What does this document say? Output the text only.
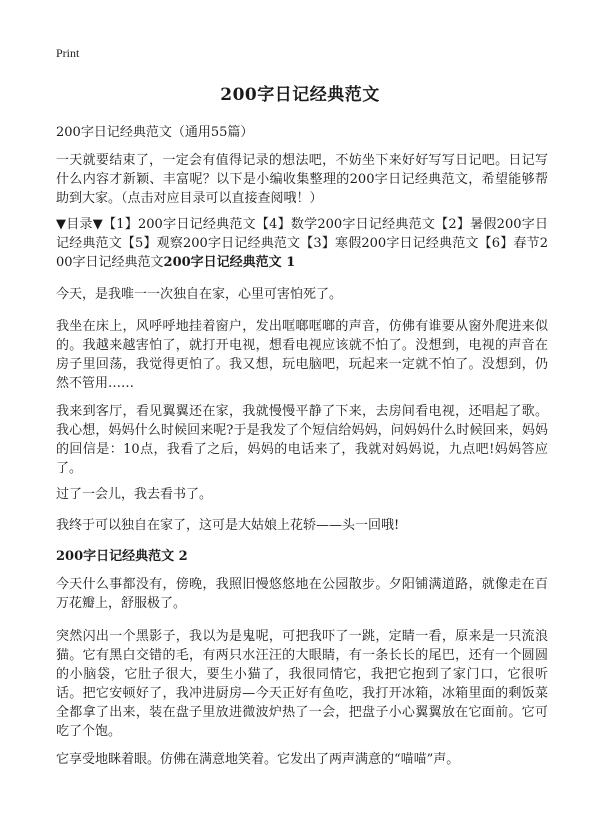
Print
200字日记经典范文

200字日记经典范文（通用55篇）

一天就要结束了，一定会有值得记录的想法吧，不妨坐下来好好写写日记吧。日记写什么内容才新颖、丰富呢？以下是小编收集整理的200字日记经典范文，希望能够帮助到大家。（点击对应目录可以直接查阅哦！）

▼目录▼【1】200字日记经典范文【4】数学200字日记经典范文【2】暑假200字日记经典范文【5】观察200字日记经典范文【3】寒假200字日记经典范文【6】春节200字日记经典范文200字日记经典范文 1

今天，是我唯一一次独自在家，心里可害怕死了。

我坐在床上，风呼呼地挂着窗户，发出哐啷哐啷的声音，仿佛有谁要从窗外爬进来似的。我越来越害怕了，就打开电视，想看电视应该就不怕了。没想到，电视的声音在房子里回荡，我觉得更怕了。我又想，玩电脑吧，玩起来一定就不怕了。没想到，仍然不管用……

我来到客厅，看见翼翼还在家，我就慢慢平静了下来，去房间看电视，还唱起了歌。我心想，妈妈什么时候回来呢?于是我发了个短信给妈妈，问妈妈什么时候回来，妈妈的回信是：10点，我看了之后，妈妈的电话来了，我就对妈妈说，九点吧!妈妈答应了。

过了一会儿，我去看书了。

我终于可以独自在家了，这可是大姑娘上花轿——头一回哦!

200字日记经典范文 2

今天什么事都没有，傍晚，我照旧慢悠悠地在公园散步。夕阳铺满道路，就像走在百万花瓣上，舒服极了。

突然闪出一个黑影子，我以为是鬼呢，可把我吓了一跳，定睛一看，原来是一只流浪猫。它有黑白交错的毛，有两只水汪汪的大眼睛，有一条长长的尾巴，还有一个圆圆的小脑袋，它肚子很大，要生小猫了，我很同情它，我把它抱到了家门口，它很听话。把它安顿好了，我冲进厨房—今天正好有鱼吃，我打开冰箱，冰箱里面的剩饭菜全都拿了出来，装在盘子里放进微波炉热了一会，把盘子小心翼翼放在它面前。它可吃了个饱。

它享受地眯着眼。仿佛在满意地笑着。它发出了两声满意的“喵喵”声。
